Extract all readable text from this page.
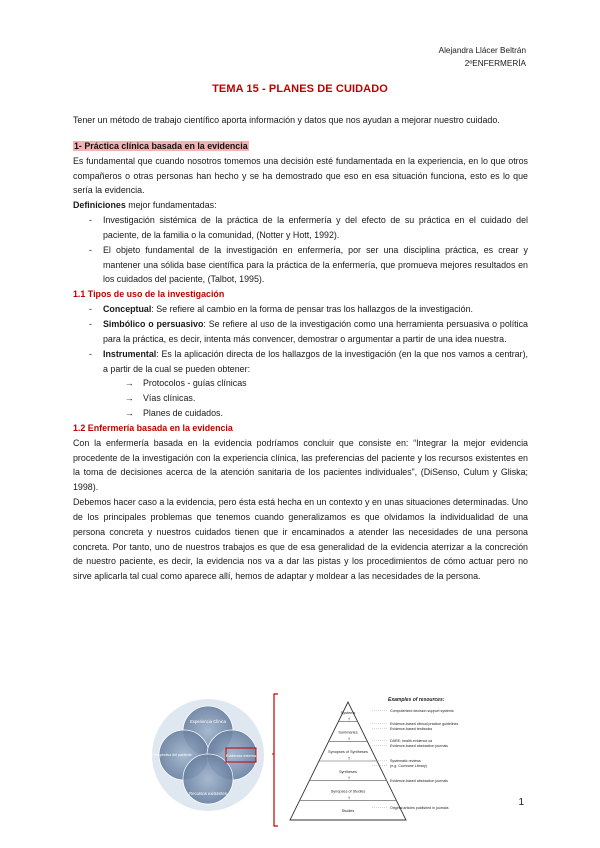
Alejandra Llácer Beltrán
2ºENFERMERÍA
TEMA 15 - PLANES DE CUIDADO

Tener un método de trabajo científico aporta información y datos que nos ayudan a mejorar nuestro cuidado.

1- Práctica clínica basada en la evidencia

Es fundamental que cuando nosotros tomemos una decisión esté fundamentada en la experiencia, en lo que otros compañeros o otras personas han hecho y se ha demostrado que eso en esa situación funciona, esto es lo que sería la evidencia.

Definiciones mejor fundamentadas:

- Investigación sistémica de la práctica de la enfermería y del efecto de su práctica en el cuidado del paciente, de la familia o la comunidad, (Notter y Hott, 1992).
- El objeto fundamental de la investigación en enfermería, por ser una disciplina práctica, es crear y mantener una sólida base científica para la práctica de la enfermería, que promueva mejores resultados en los cuidados del paciente, (Talbot, 1995).

1.1 Tipos de uso de la investigación

- Conceptual: Se refiere al cambio en la forma de pensar tras los hallazgos de la investigación.
- Simbólico o persuasivo: Se refiere al uso de la investigación como una herramienta persuasiva o política para la práctica, es decir, intenta más convencer, demostrar o argumentar a partir de una idea nuestra.
- Instrumental: Es la aplicación directa de los hallazgos de la investigación (en la que nos vamos a centrar), a partir de la cual se pueden obtener:
→ Protocolos - guías clínicas
→ Vías clínicas.
→ Planes de cuidados.

1.2 Enfermería basada en la evidencia

Con la enfermería basada en la evidencia podríamos concluir que consiste en: “Integrar la mejor evidencia procedente de la investigación con la experiencia clínica, las preferencias del paciente y los recursos existentes en la toma de decisiones acerca de la atención sanitaria de los pacientes individuales”, (DiSenso, Culum y Gliska; 1998).

Debemos hacer caso a la evidencia, pero ésta está hecha en un contexto y en unas situaciones determinadas. Uno de los principales problemas que tenemos cuando generalizamos es que olvidamos la individualidad de una persona concreta y nuestros cuidados tienen que ir encaminados a atender las necesidades de una persona concreta. Por tanto, uno de nuestros trabajos es que de esa generalidad de la evidencia aterrizar a la concreción de nuestro paciente, es decir, la evidencia nos va a dar las pistas y los procedimientos de cómo actuar pero no sirve aplicarla tal cual como aparece allí, hemos de adaptar y moldear a las necesidades de la persona.

Experiencia Clínica
Perspectiva del paciente	Evidencia externa
Recursos existentes
Systems
↑
Summaries
↑
Synopses of Syntheses
↑
Syntheses
↑
Synopses of Studies
↑
Studies
Examples of resources:
Computerized decision support systems
Evidence-based clinical practice guidelines
Evidence-based textbooks
DARE; health-evidence.ca
Evidence-based abstraction journals
Systematic reviews
(e.g. Cochrane Library)
Evidence-based abstraction journals
Original articles published in journals	1
